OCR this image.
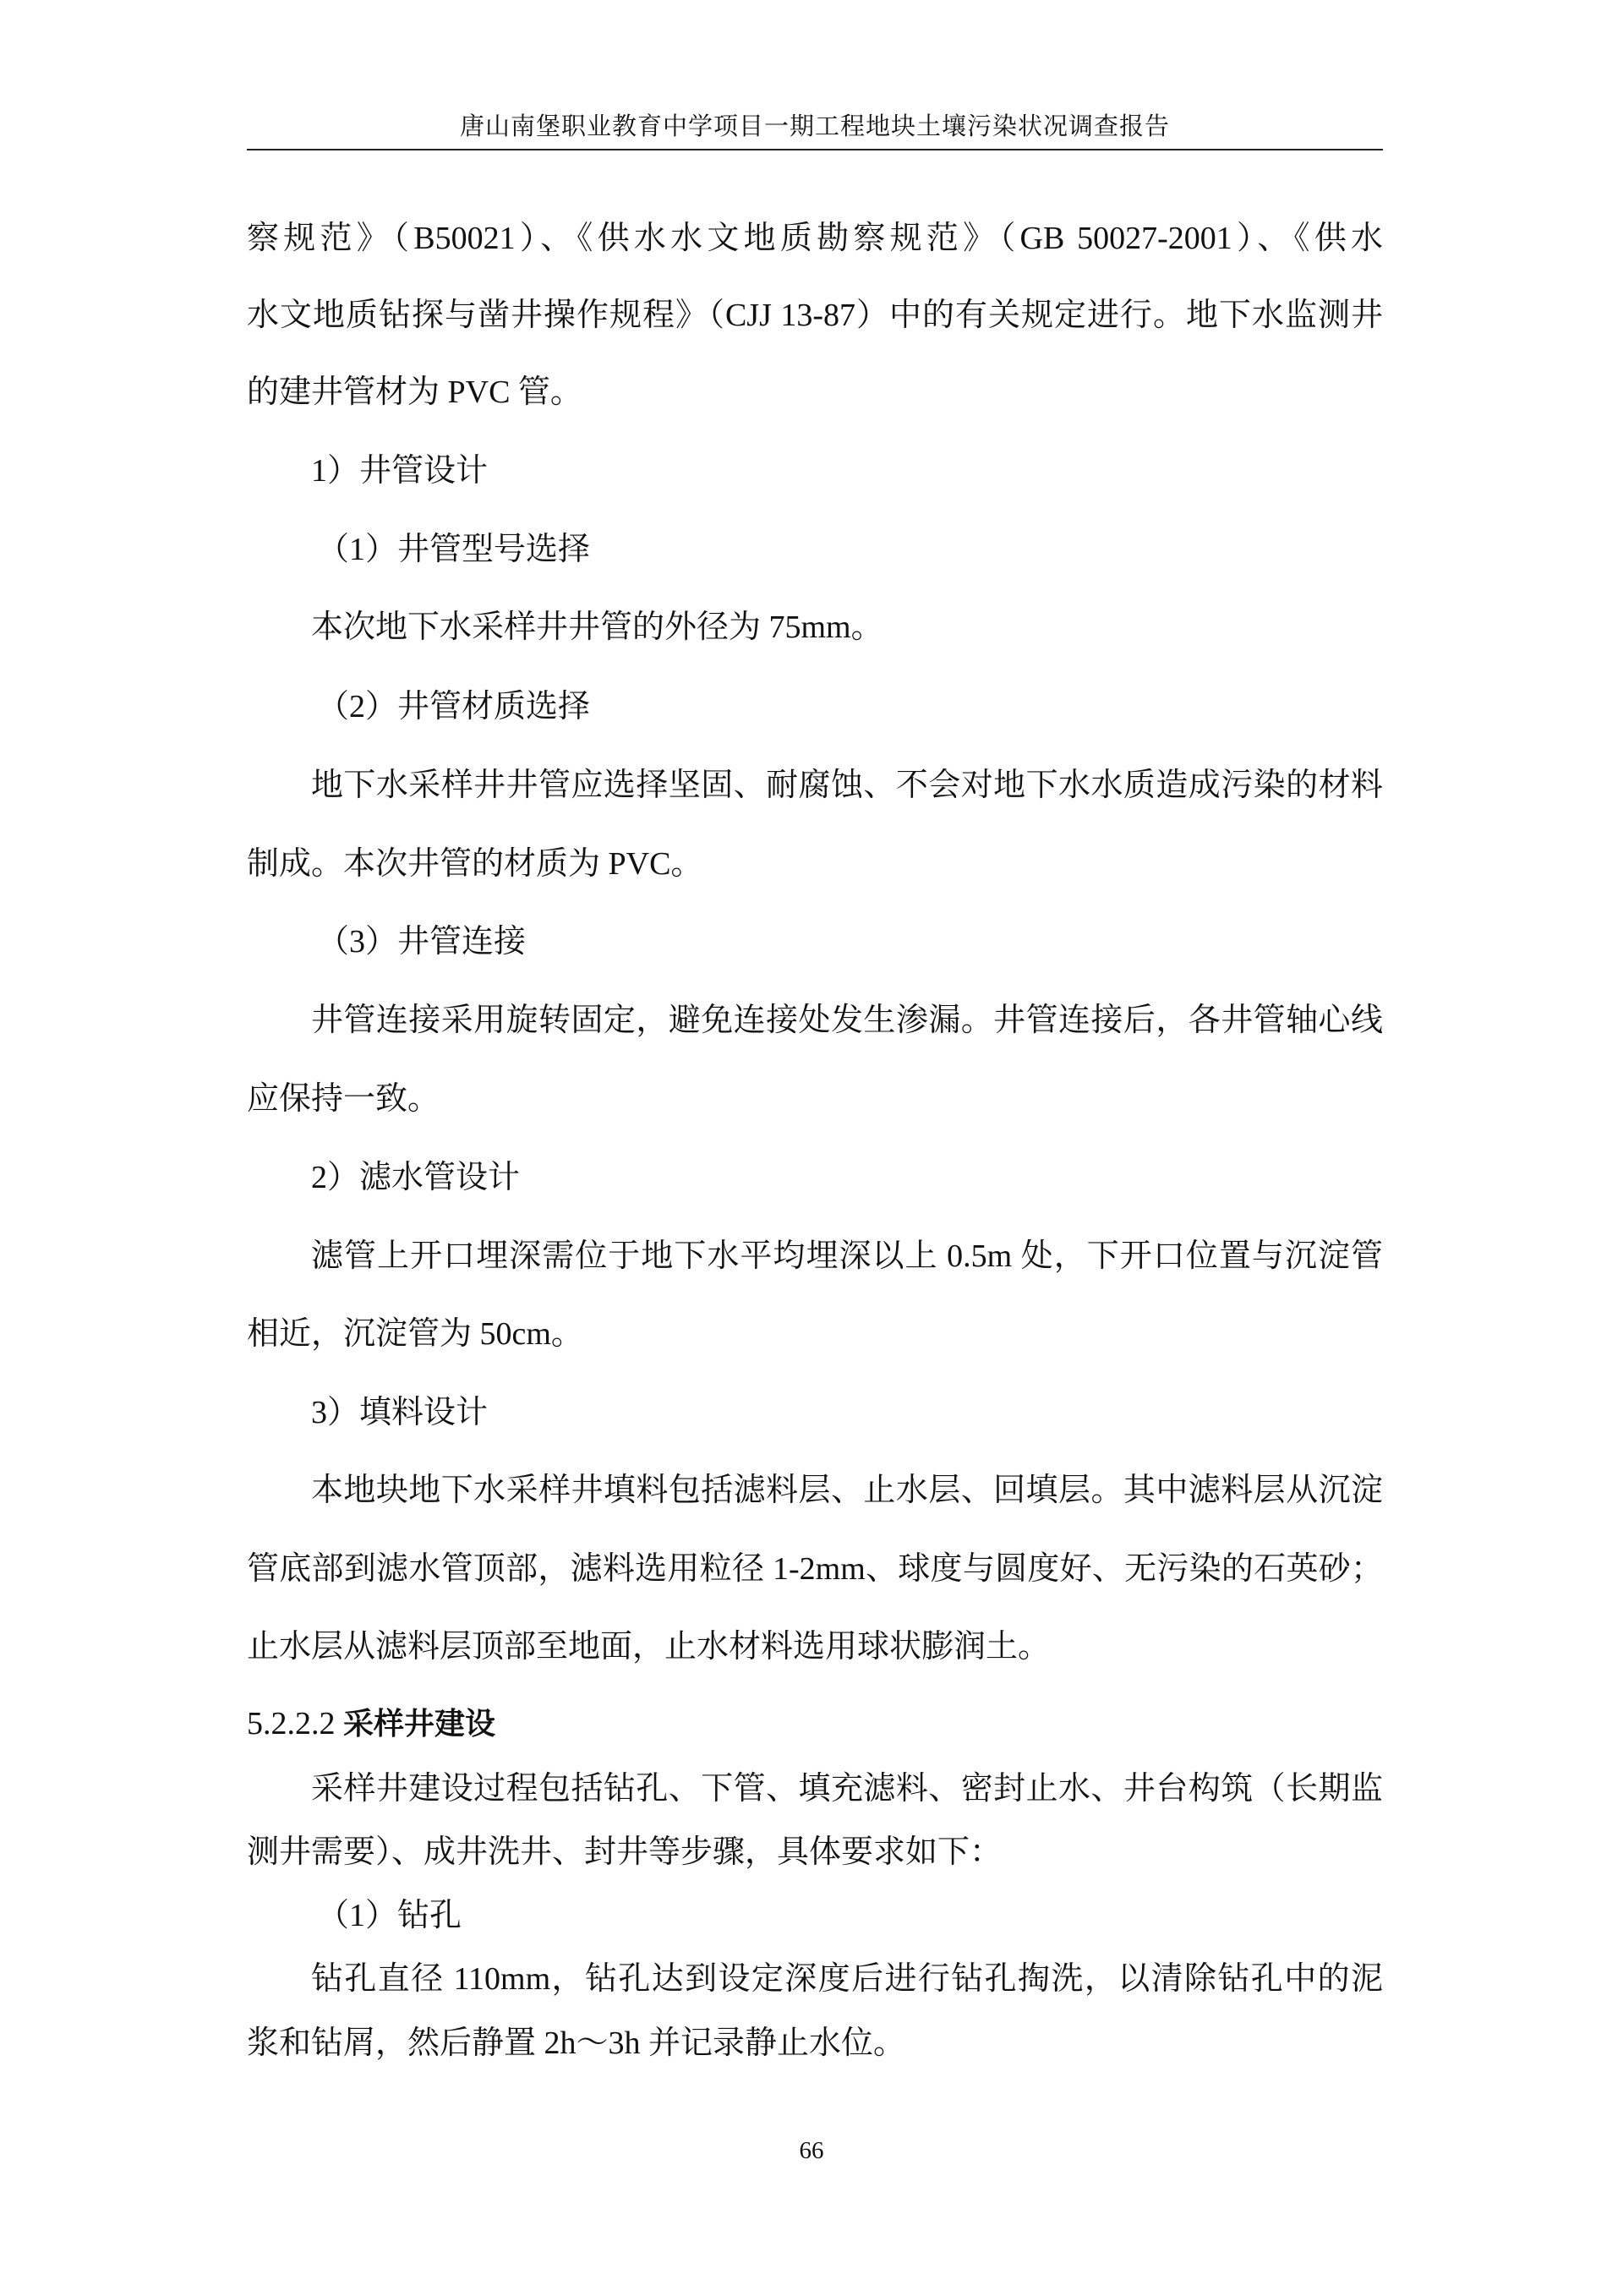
唐山南堡职业教育中学项目一期工程地块土壤污染状况调查报告
察规范》（B50021）、《供水水文地质勘察规范》（GB 50027-2001）、《供水
水文地质钻探与凿井操作规程》（CJJ 13-87）中的有关规定进行。地下水监测井
的建井管材为 PVC 管。
1）井管设计
（1）井管型号选择
本次地下水采样井井管的外径为 75mm。
（2）井管材质选择
地下水采样井井管应选择坚固、耐腐蚀、不会对地下水水质造成污染的材料
制成。本次井管的材质为 PVC。
（3）井管连接
井管连接采用旋转固定，避免连接处发生渗漏。井管连接后，各井管轴心线
应保持一致。
2）滤水管设计
滤管上开口埋深需位于地下水平均埋深以上 0.5m 处，下开口位置与沉淀管
相近，沉淀管为 50cm。
3）填料设计
本地块地下水采样井填料包括滤料层、止水层、回填层。其中滤料层从沉淀
管底部到滤水管顶部，滤料选用粒径 1-2mm、球度与圆度好、无污染的石英砂；
止水层从滤料层顶部至地面，止水材料选用球状膨润土。
5.2.2.2 采样井建设
采样井建设过程包括钻孔、下管、填充滤料、密封止水、井台构筑（长期监
测井需要）、成井洗井、封井等步骤，具体要求如下：
（1）钻孔
钻孔直径 110mm，钻孔达到设定深度后进行钻孔掏洗，以清除钻孔中的泥
浆和钻屑，然后静置 2h～3h 并记录静止水位。
66
